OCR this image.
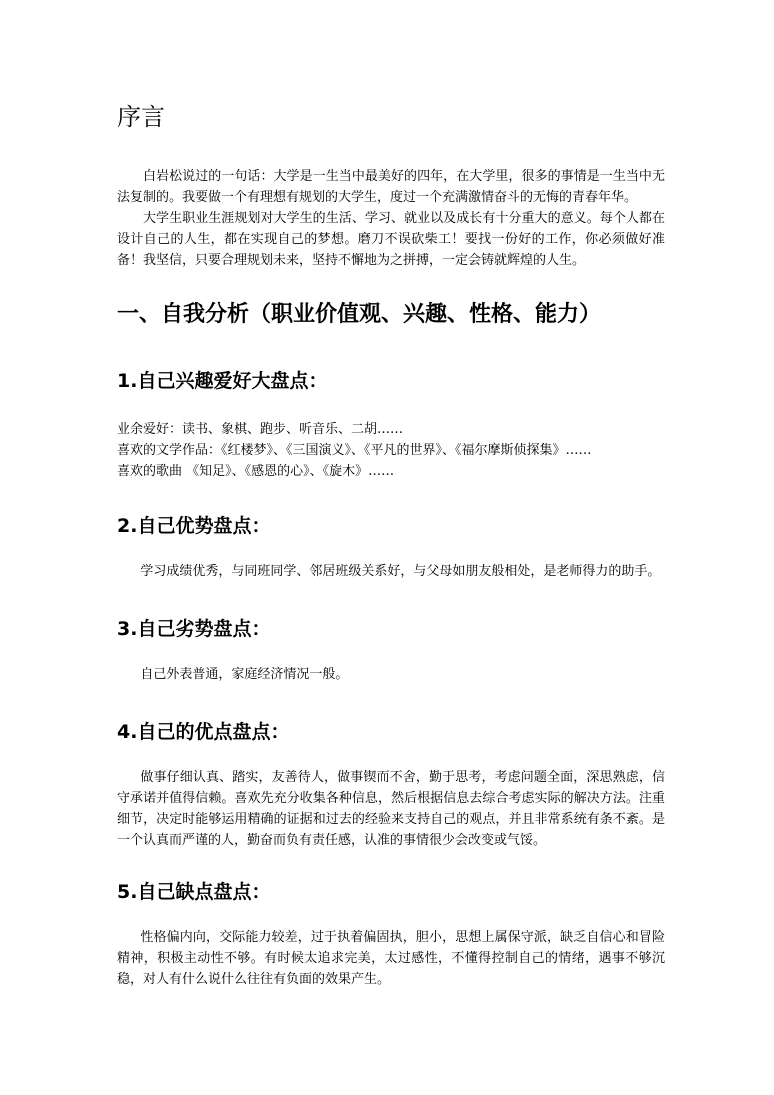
序言

白岩松说过的一句话：大学是一生当中最美好的四年，在大学里，很多的事情是一生当中无法复制的。我要做一个有理想有规划的大学生，度过一个充满激情奋斗的无悔的青春年华。

大学生职业生涯规划对大学生的生活、学习、就业以及成长有十分重大的意义。每个人都在设计自己的人生，都在实现自己的梦想。磨刀不误砍柴工！要找一份好的工作，你必须做好准备！我坚信，只要合理规划未来，坚持不懈地为之拼搏，一定会铸就辉煌的人生。

一、自我分析（职业价值观、兴趣、性格、能力）
1.自己兴趣爱好大盘点：

业余爱好：读书、象棋、跑步、听音乐、二胡……

喜欢的文学作品：《红楼梦》、《三国演义》、《平凡的世界》、《福尔摩斯侦探集》……

喜欢的歌曲 《知足》、《感恩的心》、《旋木》……

2.自己优势盘点：

学习成绩优秀，与同班同学、邻居班级关系好，与父母如朋友般相处，是老师得力的助手。

3.自己劣势盘点：

自己外表普通，家庭经济情况一般。

4.自己的优点盘点：

做事仔细认真、踏实，友善待人，做事锲而不舍，勤于思考，考虑问题全面，深思熟虑，信守承诺并值得信赖。喜欢先充分收集各种信息，然后根据信息去综合考虑实际的解决方法。注重细节，决定时能够运用精确的证据和过去的经验来支持自己的观点，并且非常系统有条不紊。是一个认真而严谨的人，勤奋而负有责任感，认准的事情很少会改变或气馁。

5.自己缺点盘点：

性格偏内向，交际能力较差，过于执着偏固执，胆小，思想上属保守派，缺乏自信心和冒险精神，积极主动性不够。有时候太追求完美，太过感性，不懂得控制自己的情绪，遇事不够沉稳，对人有什么说什么往往有负面的效果产生。
